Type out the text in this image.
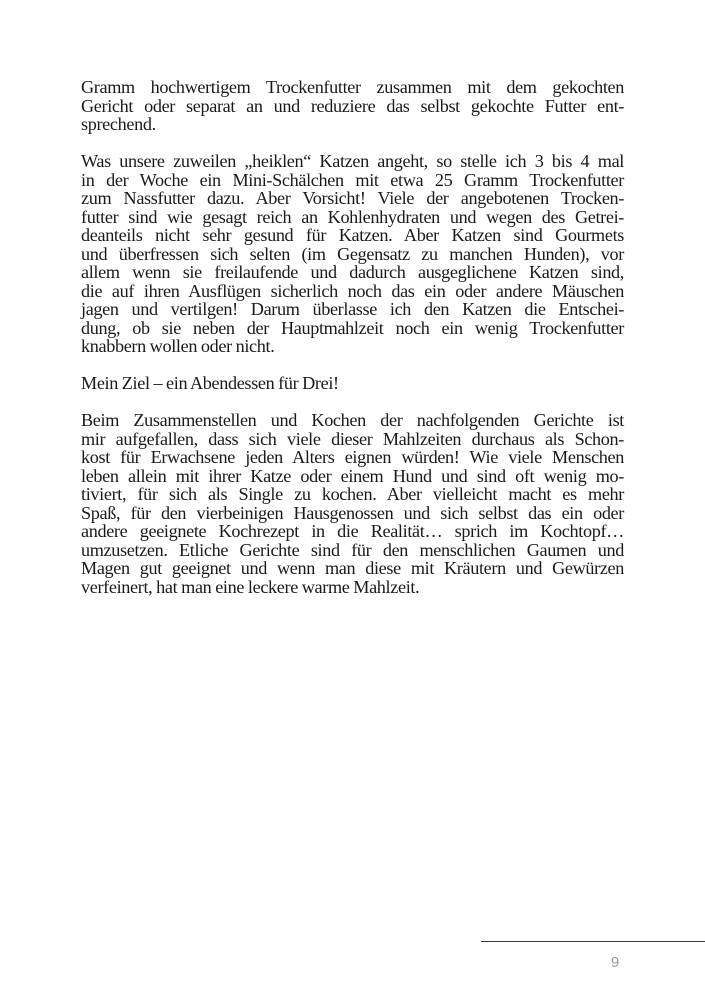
Gramm hochwertigem Trockenfutter zusammen mit dem gekochten
Gericht oder separat an und reduziere das selbst gekochte Futter ent-
sprechend.

Was unsere zuweilen „heiklen“ Katzen angeht, so stelle ich 3 bis 4 mal
in der Woche ein Mini-Schälchen mit etwa 25 Gramm Trockenfutter
zum Nassfutter dazu. Aber Vorsicht! Viele der angebotenen Trocken-
futter sind wie gesagt reich an Kohlenhydraten und wegen des Getrei-
deanteils nicht sehr gesund für Katzen. Aber Katzen sind Gourmets
und überfressen sich selten (im Gegensatz zu manchen Hunden), vor
allem wenn sie freilaufende und dadurch ausgeglichene Katzen sind,
die auf ihren Ausflügen sicherlich noch das ein oder andere Mäuschen
jagen und vertilgen! Darum überlasse ich den Katzen die Entschei-
dung, ob sie neben der Hauptmahlzeit noch ein wenig Trockenfutter
knabbern wollen oder nicht.

Mein Ziel – ein Abendessen für Drei!

Beim Zusammenstellen und Kochen der nachfolgenden Gerichte ist
mir aufgefallen, dass sich viele dieser Mahlzeiten durchaus als Schon-
kost für Erwachsene jeden Alters eignen würden! Wie viele Menschen
leben allein mit ihrer Katze oder einem Hund und sind oft wenig mo-
tiviert, für sich als Single zu kochen. Aber vielleicht macht es mehr
Spaß, für den vierbeinigen Hausgenossen und sich selbst das ein oder
andere geeignete Kochrezept in die Realität… sprich im Kochtopf…
umzusetzen. Etliche Gerichte sind für den menschlichen Gaumen und
Magen gut geeignet und wenn man diese mit Kräutern und Gewürzen
verfeinert, hat man eine leckere warme Mahlzeit.

9
